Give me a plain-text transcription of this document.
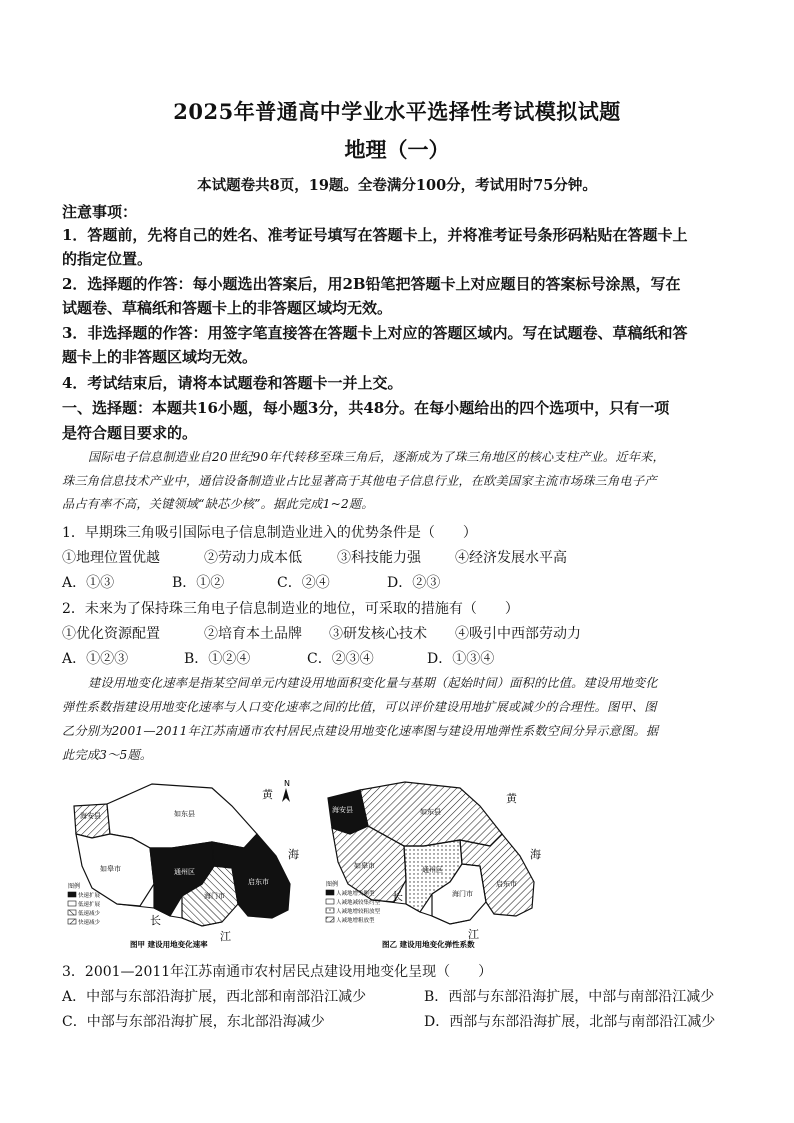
2025年普通高中学业水平选择性考试模拟试题
地理（一）
本试题卷共8页，19题。全卷满分100分，考试用时75分钟。
注意事项：
1．答题前，先将自己的姓名、准考证号填写在答题卡上，并将准考证号条形码粘贴在答题卡上
的指定位置。
2．选择题的作答：每小题选出答案后，用2B铅笔把答题卡上对应题目的答案标号涂黑，写在
试题卷、草稿纸和答题卡上的非答题区域均无效。
3．非选择题的作答：用签字笔直接答在答题卡上对应的答题区域内。写在试题卷、草稿纸和答
题卡上的非答题区域均无效。
4．考试结束后，请将本试题卷和答题卡一并上交。
一、选择题：本题共16小题，每小题3分，共48分。在每小题给出的四个选项中，只有一项
是符合题目要求的。
国际电子信息制造业自20世纪90年代转移至珠三角后，逐渐成为了珠三角地区的核心支柱产业。近年来，
珠三角信息技术产业中，通信设备制造业占比显著高于其他电子信息行业，在欧美国家主流市场珠三角电子产
品占有率不高，关键领域“缺芯少核”。据此完成1~2题。
1．早期珠三角吸引国际电子信息制造业进入的优势条件是（　　）
①地理位置优越	②劳动力成本低	③科技能力强 ④经济发展水平高
A．①③	B．①②	C．②④	D．②③
2．未来为了保持珠三角电子信息制造业的地位，可采取的措施有（　　）
①优化资源配置	②培育本土品牌 ③研发核心技术 ④吸引中西部劳动力
A．①②③	B．①②④	C．②③④	D．①③④
建设用地变化速率是指某空间单元内建设用地面积变化量与基期（起始时间）面积的比值。建设用地变化
弹性系数指建设用地变化速率与人口变化速率之间的比值，可以评价建设用地扩展或减少的合理性。图甲、图
乙分别为2001—2011年江苏南通市农村居民点建设用地变化速率图与建设用地弹性系数空间分异示意图。据
此完成3～5题。
海安县	如东县
如皋市	通州区
海门市
启东市
黄
海
长
江
N
图例
快速扩展
低速扩展
低速减少
快速减少
图甲 建设用地变化速率
海安县	如东县
如皋市	通州区
海门市
启东市
黄
海
长
江
图例
人减地增失衡型
人减地减较集约型
人减地增较粗放型
人减地增粗放型
图乙 建设用地变化弹性系数
3．2001—2011年江苏南通市农村居民点建设用地变化呈现（　　）
A．中部与东部沿海扩展，西北部和南部沿江减少	B．西部与东部沿海扩展，中部与南部沿江减少
C．中部与东部沿海扩展，东北部沿海减少	D．西部与东部沿海扩展，北部与南部沿江减少
